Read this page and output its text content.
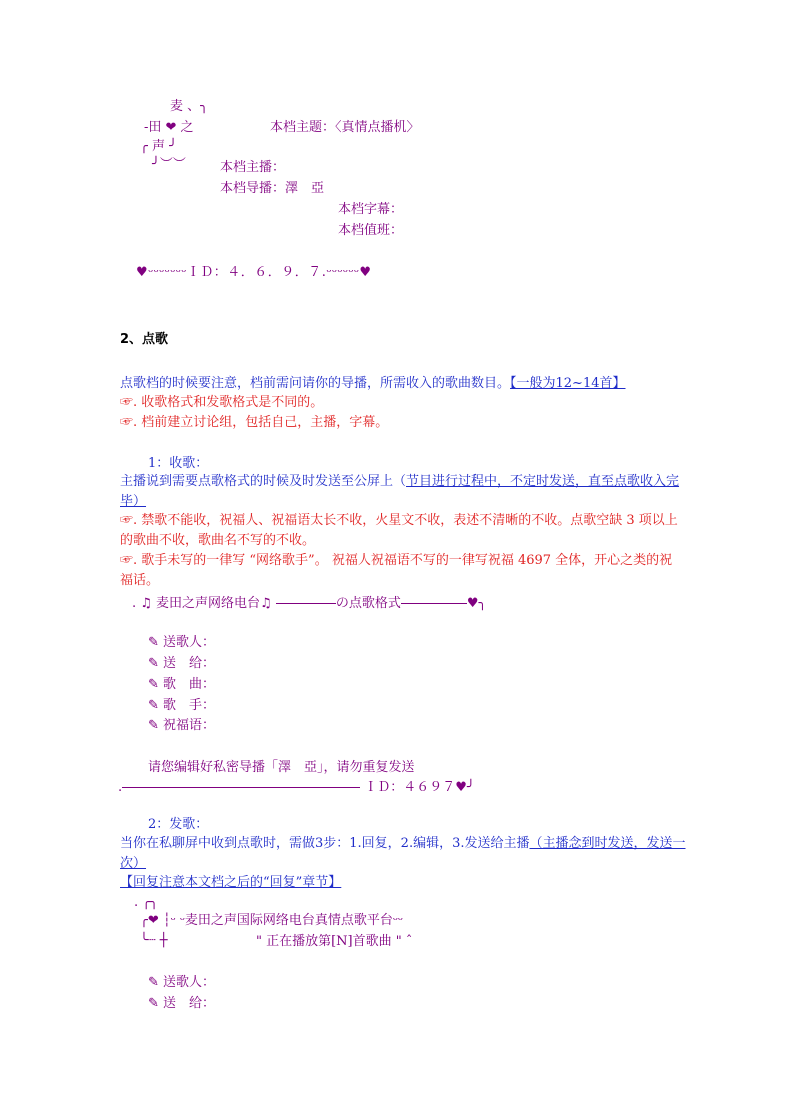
麦 、╮
-田 ❤ 之
╭ 声 ╯
╯︶︶
本档主题：〈真情点播机〉
本档主播：
本档导播：澤　亞
本档字幕：
本档值班：
♥ᵕᵕᵕᵕᵕᵕᵕＩＤ：４．６．９．７.ᵕᵕᵕᵕᵕᵕ♥
2、点歌
点歌档的时候要注意，档前需问请你的导播，所需收入的歌曲数目。【一般为12~14首】
☞. 收歌格式和发歌格式是不同的。
☞. 档前建立讨论组，包括自己，主播，字幕。
1：收歌：
主播说到需要点歌格式的时候及时发送至公屏上（节目进行过程中，不定时发送，直至点歌收入完毕）
☞. 禁歌不能收，祝福人、祝福语太长不收，火星文不收，表述不清晰的不收。点歌空缺 3 项以上的歌曲不收，歌曲名不写的不收。
☞. 歌手未写的一律写 “网络歌手”。 祝福人祝福语不写的一律写祝福 4697 全体，开心之类的祝福话。
. ♫ 麦田之声网络电台♫	の点歌格式	♥╮
✎ 送歌人：
✎ 送　给：
✎ 歌　曲：
✎ 歌　手：
✎ 祝福语：
请您编辑好私密导播「澤　亞」，请勿重复发送
.	ＩＤ：４６９７♥╯
2：发歌：
当你在私聊屏中收到点歌时，需做3步：1.回复，2.编辑，3.发送给主播（主播念到时发送，发送一次）
【回复注意本文档之后的“回复”章节】
. ╭╮
╭❤ ┆ᵕ ᵕ麦田之声国际网络电台真情点歌平台ᵕᵕ
╰┈ ┼	" 正在播放第[N]首歌曲 " ˆ
✎ 送歌人：
✎ 送　给：
